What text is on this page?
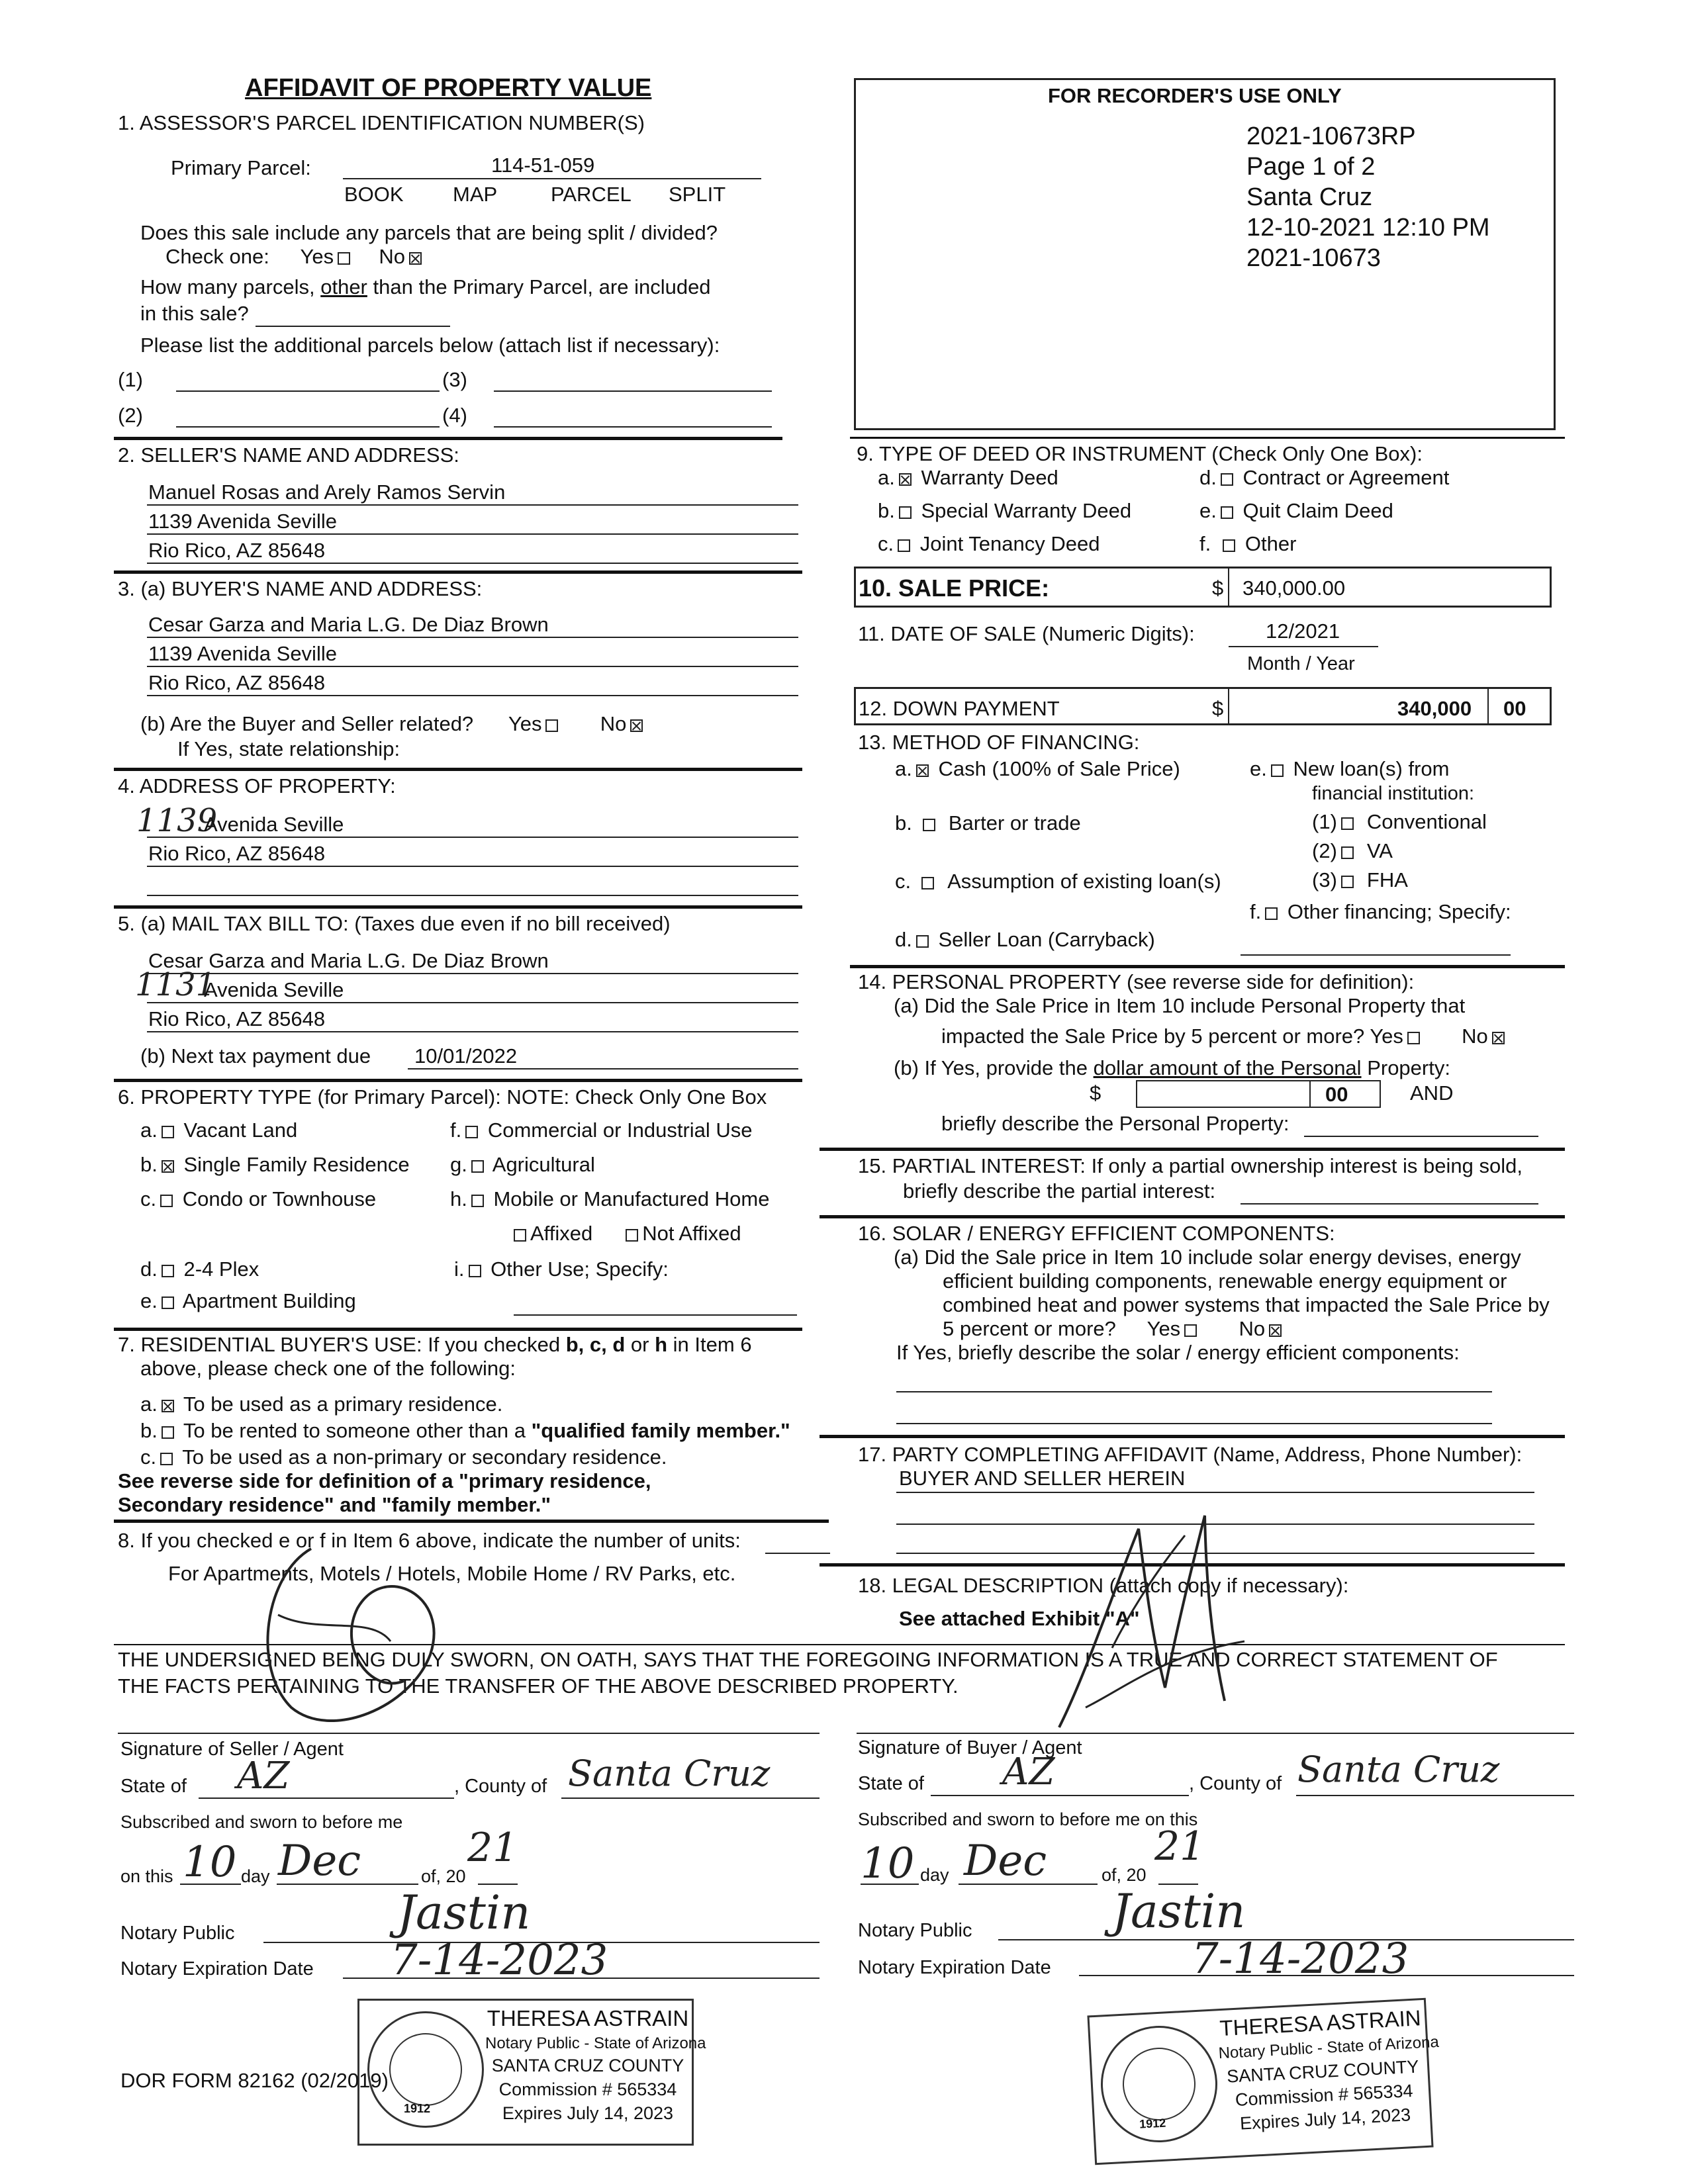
AFFIDAVIT OF PROPERTY VALUE	FOR RECORDER'S USE ONLY
2021-10673RP
Page 1 of 2
Santa Cruz
12-10-2021 12:10 PM
2021-10673
1. ASSESSOR'S PARCEL IDENTIFICATION NUMBER(S)
Primary Parcel:	114-51-059
BOOK MAP	PARCEL SPLIT
Does this sale include any parcels that are being split / divided?
Check one: Yes No
How many parcels, other than the Primary Parcel, are included
in this sale?
Please list the additional parcels below (attach list if necessary):
(1)	(3)
(2)	(4)
2. SELLER'S NAME AND ADDRESS:
Manuel Rosas and Arely Ramos Servin
1139 Avenida Seville
Rio Rico, AZ 85648
3. (a) BUYER'S NAME AND ADDRESS:
Cesar Garza and Maria L.G. De Diaz Brown
1139 Avenida Seville
Rio Rico, AZ 85648
(b) Are the Buyer and Seller related? Yes	No
If Yes, state relationship:
4. ADDRESS OF PROPERTY:
1139
Avenida Seville
Rio Rico, AZ 85648
5. (a) MAIL TAX BILL TO: (Taxes due even if no bill received)
Cesar Garza and Maria L.G. De Diaz Brown
1131
Avenida Seville
Rio Rico, AZ 85648
(b) Next tax payment due 10/01/2022
6. PROPERTY TYPE (for Primary Parcel): NOTE: Check Only One Box
a. Vacant Land
b. Single Family Residence
c. Condo or Townhouse
d. 2-4 Plex
e. Apartment Building
f. Commercial or Industrial Use
g. Agricultural
h. Mobile or Manufactured Home
Affixed Not Affixed
i. Other Use; Specify:
7. RESIDENTIAL BUYER'S USE: If you checked b, c, d or h in Item 6
above, please check one of the following:
a. To be used as a primary residence.
b. To be rented to someone other than a "qualified family member."
c. To be used as a non-primary or secondary residence.
See reverse side for definition of a "primary residence,
Secondary residence" and "family member."
8. If you checked e or f in Item 6 above, indicate the number of units:
For Apartments, Motels / Hotels, Mobile Home / RV Parks, etc.
9. TYPE OF DEED OR INSTRUMENT (Check Only One Box):
a. Warranty Deed
b. Special Warranty Deed
c. Joint Tenancy Deed
d. Contract or Agreement
e. Quit Claim Deed
f. Other
10. SALE PRICE:	$ 340,000.00
11. DATE OF SALE (Numeric Digits):	12/2021
Month / Year
12. DOWN PAYMENT	$	340,000 00
13. METHOD OF FINANCING:
a. Cash (100% of Sale Price)
b. Barter or trade
c. Assumption of existing loan(s)
d. Seller Loan (Carryback)
e. New loan(s) from
financial institution:
(1) Conventional
(2) VA
(3) FHA
f. Other financing; Specify:
14. PERSONAL PROPERTY (see reverse side for definition):
(a) Did the Sale Price in Item 10 include Personal Property that
impacted the Sale Price by 5 percent or more? Yes	No
(b) If Yes, provide the dollar amount of the Personal Property:
$	00	AND
briefly describe the Personal Property:
15. PARTIAL INTEREST: If only a partial ownership interest is being sold,
briefly describe the partial interest:
16. SOLAR / ENERGY EFFICIENT COMPONENTS:
(a) Did the Sale price in Item 10 include solar energy devises, energy
efficient building components, renewable energy equipment or
combined heat and power systems that impacted the Sale Price by
5 percent or more? Yes	No
If Yes, briefly describe the solar / energy efficient components:
17. PARTY COMPLETING AFFIDAVIT (Name, Address, Phone Number):
BUYER AND SELLER HEREIN
18. LEGAL DESCRIPTION (attach copy if necessary):
See attached Exhibit "A"
THE UNDERSIGNED BEING DULY SWORN, ON OATH, SAYS THAT THE FOREGOING INFORMATION IS A TRUE AND CORRECT STATEMENT OF
THE FACTS PERTAINING TO THE TRANSFER OF THE ABOVE DESCRIBED PROPERTY.
Signature of Seller / Agent
State of AZ	, County of Santa Cruz
Subscribed and sworn to before me
on this 10 day Dec	of, 20
21
Notary Public	Jastin
Notary Expiration Date 7-14-2023
Signature of Buyer / Agent
State of AZ	, County of Santa Cruz
Subscribed and sworn to before me on this
10 day Dec	of, 20
21
Notary Public	Jastin
Notary Expiration Date	7-14-2023
1912
THERESA ASTRAIN
Notary Public - State of Arizona
SANTA CRUZ COUNTY
Commission # 565334
Expires July 14, 2023
1912
THERESA ASTRAIN
Notary Public - State of Arizona
SANTA CRUZ COUNTY
Commission # 565334
Expires July 14, 2023
DOR FORM 82162 (02/2019)
